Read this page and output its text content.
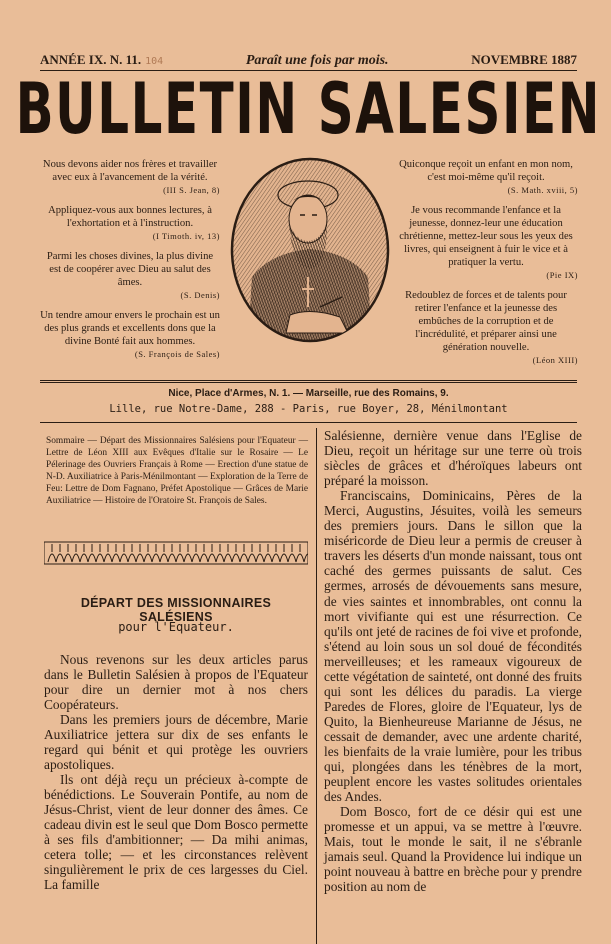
ANNÉE IX. N. 11. 104	Paraît une fois par mois.	NOVEMBRE 1887
BULLETIN SALESIEN
Nous devons aider nos frères et travailler avec eux à l'avancement de la vérité.
(III S. Jean, 8)
Appliquez-vous aux bonnes lectures, à l'exhortation et à l'instruction.
(I Timoth. iv, 13)
Parmi les choses divines, la plus divine est de coopérer avec Dieu au salut des âmes.
(S. Denis)
Un tendre amour envers le prochain est un des plus grands et excellents dons que la divine Bonté fait aux hommes.
(S. François de Sales)
Quiconque reçoit un enfant en mon nom, c'est moi-même qu'il reçoit.
(S. Math. xviii, 5)
Je vous recommande l'enfance et la jeunesse, donnez-leur une éducation chrétienne, mettez-leur sous les yeux des livres, qui enseignent à fuir le vice et à pratiquer la vertu.
(Pie IX)
Redoublez de forces et de talents pour retirer l'enfance et la jeunesse des embûches de la corruption et de l'incrédulité, et préparer ainsi une génération nouvelle.
(Léon XIII)
Nice, Place d'Armes, N. 1. — Marseille, rue des Romains, 9.
Lille, rue Notre-Dame, 288 - Paris, rue Boyer, 28, Ménilmontant
Sommaire — Départ des Missionnaires Salésiens pour l'Equateur — Lettre de Léon XIII aux Evêques d'Italie sur le Rosaire — Le Pélerinage des Ouvriers Français à Rome — Erection d'une statue de N-D. Auxiliatrice à Paris-Ménilmontant — Exploration de la Terre de Feu: Lettre de Dom Fagnano, Préfet Apostolique — Grâces de Marie Auxiliatrice — Histoire de l'Oratoire St. François de Sales.
DÉPART DES MISSIONNAIRES SALÉSIENS
pour l'Equateur.

Nous revenons sur les deux articles parus dans le Bulletin Salésien à propos de l'Equateur pour dire un dernier mot à nos chers Coopérateurs.

Dans les premiers jours de décembre, Marie Auxiliatrice jettera sur dix de ses enfants le regard qui bénit et qui protège les ouvriers apostoliques.

Ils ont déjà reçu un précieux à-compte de bénédictions. Le Souverain Pontife, au nom de Jésus-Christ, vient de leur donner des âmes. Ce cadeau divin est le seul que Dom Bosco permette à ses fils d'ambitionner; — Da mihi animas, cetera tolle; — et les circonstances relèvent singulièrement le prix de ces largesses du Ciel. La famille

Salésienne, dernière venue dans l'Eglise de Dieu, reçoit un héritage sur une terre où trois siècles de grâces et d'héroïques labeurs ont préparé la moisson.

Franciscains, Dominicains, Pères de la Merci, Augustins, Jésuites, voilà les semeurs des premiers jours. Dans le sillon que la miséricorde de Dieu leur a permis de creuser à travers les déserts d'un monde naissant, tous ont caché des germes puissants de salut. Ces germes, arrosés de dévouements sans mesure, de vies saintes et innombrables, ont connu la mort vivifiante qui est une résurrection. Ce qu'ils ont jeté de racines de foi vive et profonde, s'étend au loin sous un sol doué de fécondités merveilleuses; et les rameaux vigoureux de cette végétation de sainteté, ont donné des fruits qui sont les délices du paradis. La vierge Paredes de Flores, gloire de l'Equateur, lys de Quito, la Bienheureuse Marianne de Jésus, ne cessait de demander, avec une ardente charité, les bienfaits de la vraie lumière, pour les tribus qui, plongées dans les ténèbres de la mort, peuplent encore les vastes solitudes orientales des Andes.

Dom Bosco, fort de ce désir qui est une promesse et un appui, va se mettre à l'œuvre. Mais, tout le monde le sait, il ne s'ébranle jamais seul. Quand la Providence lui indique un point nouveau à battre en brèche pour y prendre position au nom de
